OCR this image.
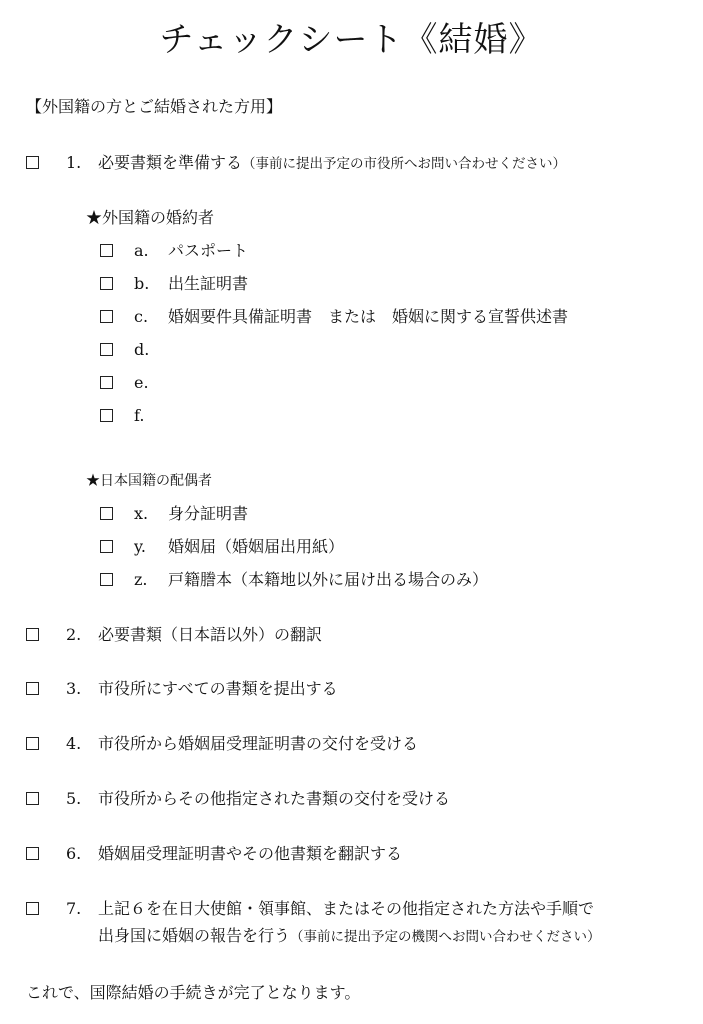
チェックシート《結婚》
【外国籍の方とご結婚された方用】
1. 必要書類を準備する（事前に提出予定の市役所へお問い合わせください）
★外国籍の婚約者
a. パスポート
b. 出生証明書
c. 婚姻要件具備証明書　または　婚姻に関する宣誓供述書
d.
e.
f.
★日本国籍の配偶者
x. 身分証明書
y. 婚姻届（婚姻届出用紙）
z. 戸籍謄本（本籍地以外に届け出る場合のみ）
2. 必要書類（日本語以外）の翻訳
3. 市役所にすべての書類を提出する
4. 市役所から婚姻届受理証明書の交付を受ける
5. 市役所からその他指定された書類の交付を受ける
6. 婚姻届受理証明書やその他書類を翻訳する
7. 上記６を在日大使館・領事館、またはその他指定された方法や手順で
出身国に婚姻の報告を行う（事前に提出予定の機関へお問い合わせください）
これで、国際結婚の手続きが完了となります。
